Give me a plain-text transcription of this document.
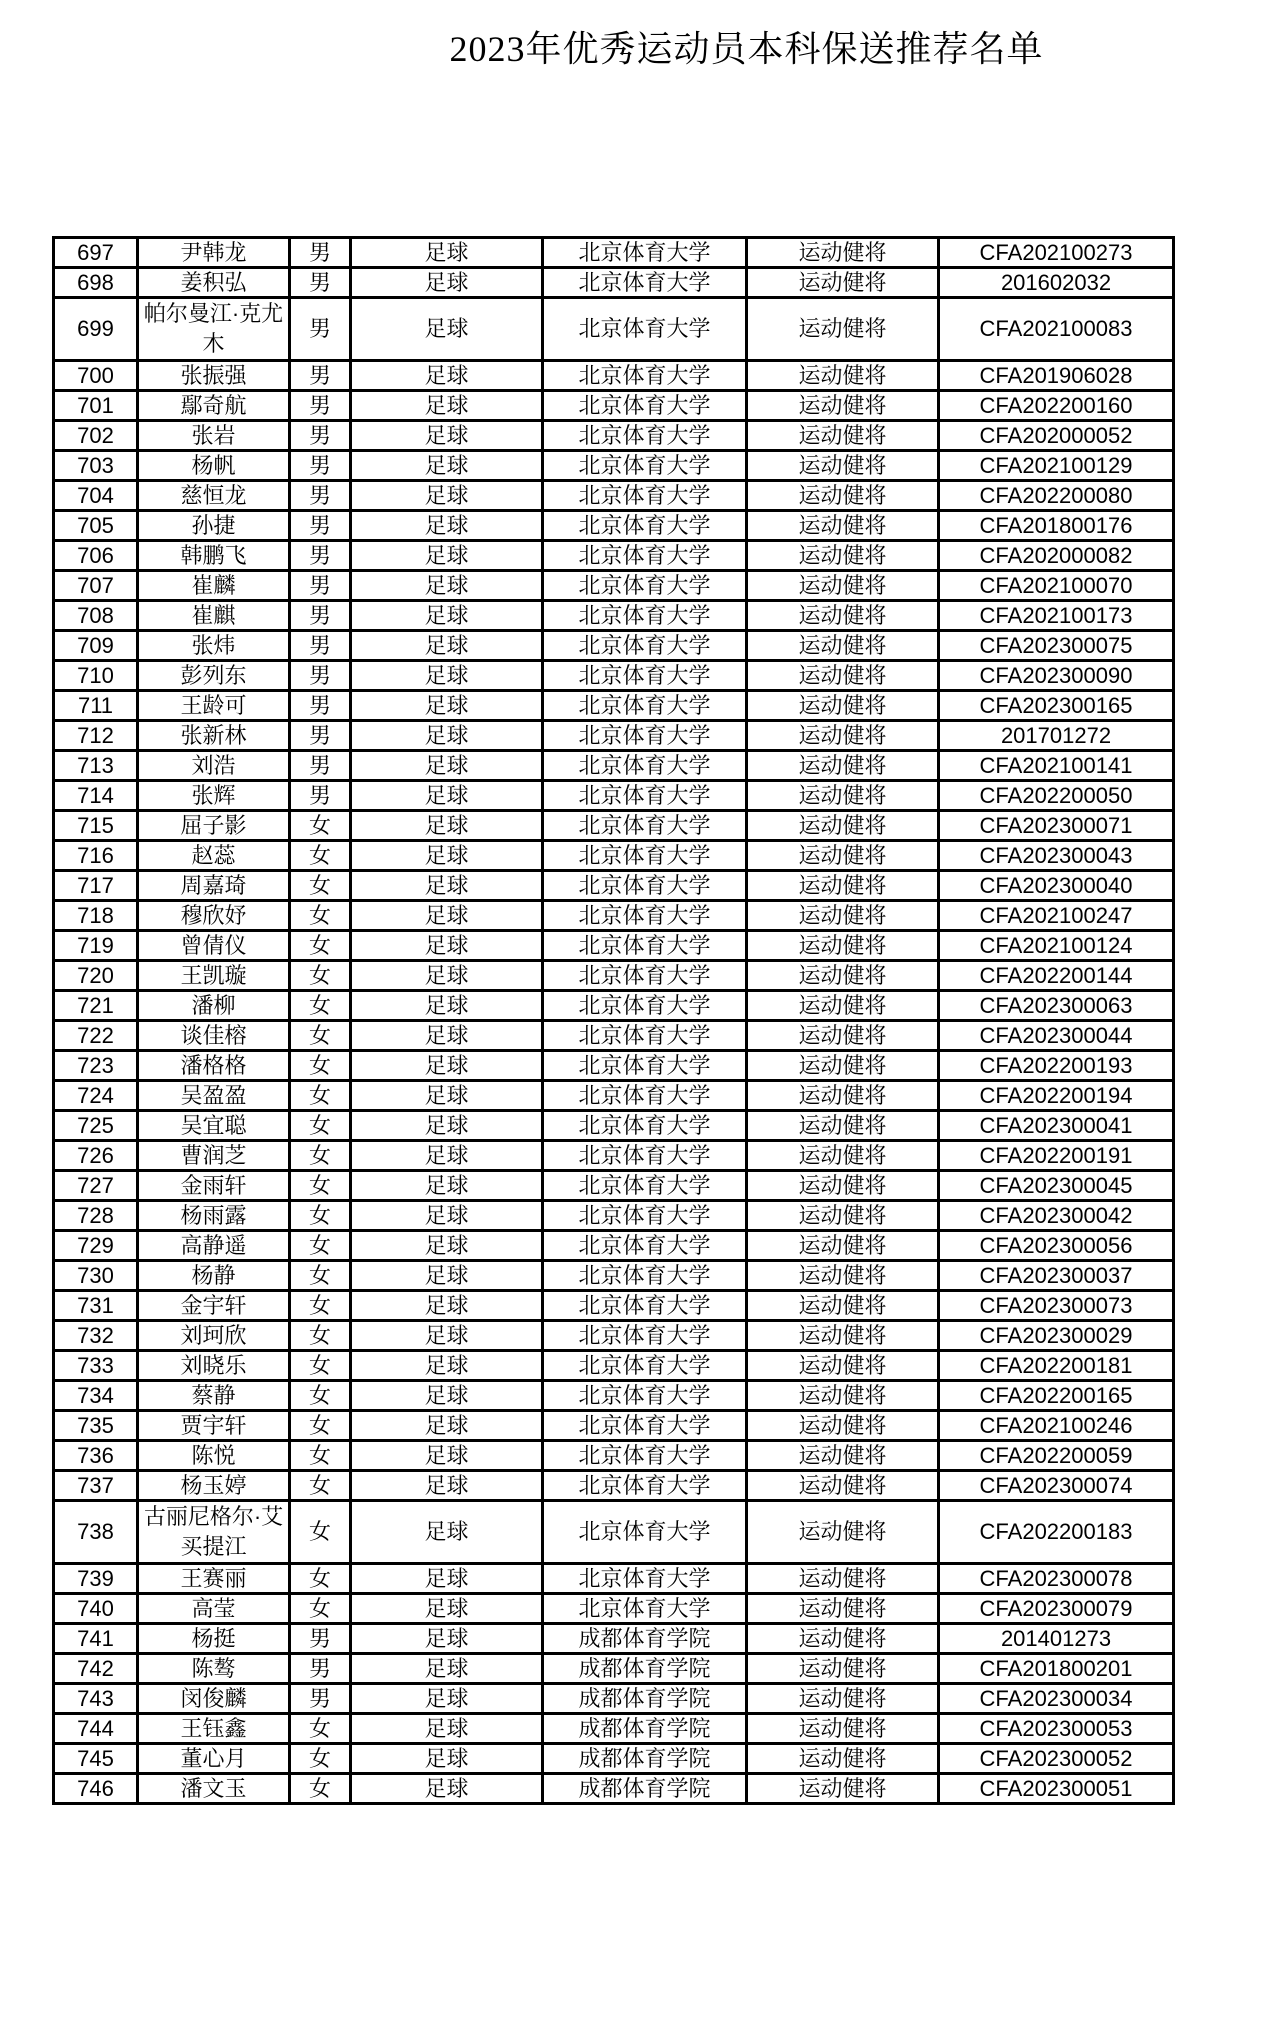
2023年优秀运动员本科保送推荐名单
697	尹韩龙	男	足球	北京体育大学	运动健将	CFA202100273
698	姜积弘	男	足球	北京体育大学	运动健将	201602032
699	帕尔曼江·克尤木	男	足球	北京体育大学	运动健将	CFA202100083
700	张振强	男	足球	北京体育大学	运动健将	CFA201906028
701	鄢奇航	男	足球	北京体育大学	运动健将	CFA202200160
702	张岩	男	足球	北京体育大学	运动健将	CFA202000052
703	杨帆	男	足球	北京体育大学	运动健将	CFA202100129
704	慈恒龙	男	足球	北京体育大学	运动健将	CFA202200080
705	孙捷	男	足球	北京体育大学	运动健将	CFA201800176
706	韩鹏飞	男	足球	北京体育大学	运动健将	CFA202000082
707	崔麟	男	足球	北京体育大学	运动健将	CFA202100070
708	崔麒	男	足球	北京体育大学	运动健将	CFA202100173
709	张炜	男	足球	北京体育大学	运动健将	CFA202300075
710	彭列东	男	足球	北京体育大学	运动健将	CFA202300090
711	王龄可	男	足球	北京体育大学	运动健将	CFA202300165
712	张新林	男	足球	北京体育大学	运动健将	201701272
713	刘浩	男	足球	北京体育大学	运动健将	CFA202100141
714	张辉	男	足球	北京体育大学	运动健将	CFA202200050
715	屈子影	女	足球	北京体育大学	运动健将	CFA202300071
716	赵蕊	女	足球	北京体育大学	运动健将	CFA202300043
717	周嘉琦	女	足球	北京体育大学	运动健将	CFA202300040
718	穆欣妤	女	足球	北京体育大学	运动健将	CFA202100247
719	曾倩仪	女	足球	北京体育大学	运动健将	CFA202100124
720	王凯璇	女	足球	北京体育大学	运动健将	CFA202200144
721	潘柳	女	足球	北京体育大学	运动健将	CFA202300063
722	谈佳榕	女	足球	北京体育大学	运动健将	CFA202300044
723	潘格格	女	足球	北京体育大学	运动健将	CFA202200193
724	吴盈盈	女	足球	北京体育大学	运动健将	CFA202200194
725	吴宜聪	女	足球	北京体育大学	运动健将	CFA202300041
726	曹润芝	女	足球	北京体育大学	运动健将	CFA202200191
727	金雨轩	女	足球	北京体育大学	运动健将	CFA202300045
728	杨雨露	女	足球	北京体育大学	运动健将	CFA202300042
729	高静遥	女	足球	北京体育大学	运动健将	CFA202300056
730	杨静	女	足球	北京体育大学	运动健将	CFA202300037
731	金宇轩	女	足球	北京体育大学	运动健将	CFA202300073
732	刘珂欣	女	足球	北京体育大学	运动健将	CFA202300029
733	刘晓乐	女	足球	北京体育大学	运动健将	CFA202200181
734	蔡静	女	足球	北京体育大学	运动健将	CFA202200165
735	贾宇轩	女	足球	北京体育大学	运动健将	CFA202100246
736	陈悦	女	足球	北京体育大学	运动健将	CFA202200059
737	杨玉婷	女	足球	北京体育大学	运动健将	CFA202300074
738	古丽尼格尔·艾买提江	女	足球	北京体育大学	运动健将	CFA202200183
739	王赛丽	女	足球	北京体育大学	运动健将	CFA202300078
740	高莹	女	足球	北京体育大学	运动健将	CFA202300079
741	杨挺	男	足球	成都体育学院	运动健将	201401273
742	陈骜	男	足球	成都体育学院	运动健将	CFA201800201
743	闵俊麟	男	足球	成都体育学院	运动健将	CFA202300034
744	王钰鑫	女	足球	成都体育学院	运动健将	CFA202300053
745	董心月	女	足球	成都体育学院	运动健将	CFA202300052
746	潘文玉	女	足球	成都体育学院	运动健将	CFA202300051
